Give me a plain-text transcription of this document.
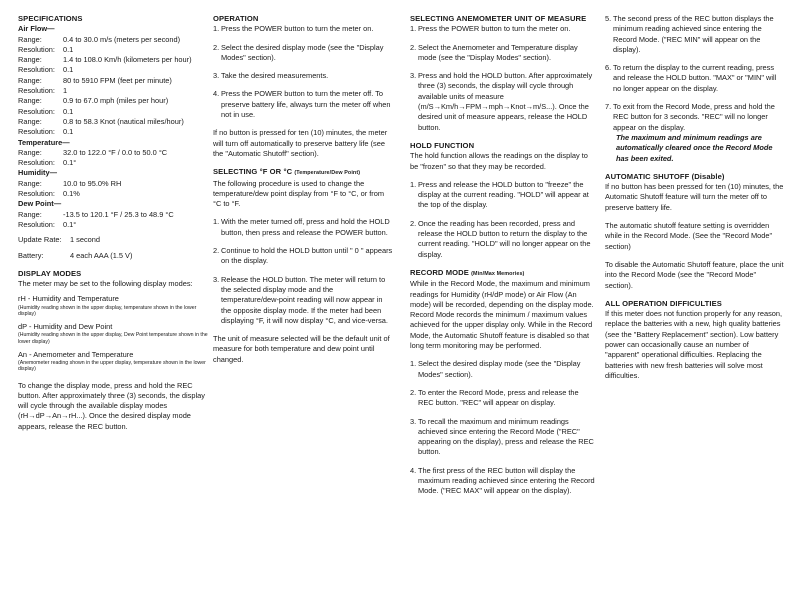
SPECIFICATIONS

Air Flow—

Range:	0.4 to 30.0 m/s (meters per second)
Resolution:	0.1
Range:	1.4 to 108.0 Km/h (kilometers per hour)
Resolution:	0.1
Range:	80 to 5910 FPM (feet per minute)
Resolution:	1
Range:	0.9 to 67.0 mph (miles per hour)
Resolution:	0.1
Range:	0.8 to 58.3 Knot (nautical miles/hour)
Resolution:	0.1

Temperature—

Range:	32.0 to 122.0 °F / 0.0 to 50.0 °C
Resolution:	0.1°

Humidity—

Range:	10.0 to 95.0% RH
Resolution:	0.1%

Dew Point—

Range:	-13.5 to 120.1 °F / 25.3 to 48.9 °C
Resolution:	0.1°
Update Rate:	1 second
Battery:	4 each AAA (1.5 V)

DISPLAY MODES

The meter may be set to the following display modes:

rH - Humidity and Temperature

(Humidity reading shown in the upper display, temperature shown in the lower display)

dP - Humidity and Dew Point

(Humidity reading shown in the upper display, Dew Point temperature shown in the lower display)

An - Anemometer and Temperature

(Anemometer reading shown in the upper display, temperature shown in the lower display)

To change the display mode, press and hold the REC button. After approximately three (3) seconds, the display will cycle through the available display modes (rH→dP→An→rH...). Once the desired display mode appears, release the REC button.

OPERATION

1. Press the POWER button to turn the meter on.
2. Select the desired display mode (see the "Display Modes" section).
3. Take the desired measurements.
4. Press the POWER button to turn the meter off. To preserve battery life, always turn the meter off when not in use.

If no button is pressed for ten (10) minutes, the meter will turn off automatically to preserve battery life (see the "Automatic Shutoff" section).

SELECTING °F OR °C (Temperature/Dew Point)

The following procedure is used to change the temperature/dew point display from °F to °C, or from °C to °F.

1. With the meter turned off, press and hold the HOLD button, then press and release the POWER button.
2. Continue to hold the HOLD button until " 0 " appears on the display.
3. Release the HOLD button. The meter will return to the selected display mode and the temperature/dew-point reading will now appear in the opposite display mode. If the meter had been displaying °F, it will now display °C, and vice-versa.

The unit of measure selected will be the default unit of measure for both temperature and dew point until changed.

SELECTING ANEMOMETER UNIT OF MEASURE

1. Press the POWER button to turn the meter on.
2. Select the Anemometer and Temperature display mode (see the "Display Modes" section).
3. Press and hold the HOLD button. After approximately three (3) seconds, the display will cycle through available units of measure (m/S→Km/h→FPM→mph→Knot→m/S...). Once the desired unit of measure appears, release the HOLD button.

HOLD FUNCTION

The hold function allows the readings on the display to be "frozen" so that they may be recorded.

1. Press and release the HOLD button to "freeze" the display at the current reading. "HOLD" will appear at the top of the display.
2. Once the reading has been recorded, press and release the HOLD button to return the display to the current reading. "HOLD" will no longer appear on the display.

RECORD MODE (Min/Max Memories)

While in the Record Mode, the maximum and minimum readings for Humidity (rH/dP mode) or Air Flow (An mode) will be recorded, depending on the display mode. Record Mode records the minimum / maximum values achieved for the upper display only. While in the Record Mode, the Automatic Shutoff feature is disabled so that long term monitoring may be performed.

1. Select the desired display mode (see the "Display Modes" section).
2. To enter the Record Mode, press and release the REC button. "REC" will appear on display.
3. To recall the maximum and minimum readings achieved since entering the Record Mode ("REC" appearing on the display), press and release the REC button.
4. The first press of the REC button will display the maximum reading achieved since entering the Record Mode. ("REC MAX" will appear on the display).
5. The second press of the REC button displays the minimum reading achieved since entering the Record Mode. ("REC MIN" will appear on the display).
6. To return the display to the current reading, press and release the HOLD button. "MAX" or "MIN" will no longer appear on the display.
7. To exit from the Record Mode, press and hold the REC button for 3 seconds. "REC" will no longer appear on the display.

The maximum and minimum readings are automatically cleared once the Record Mode has been exited.

AUTOMATIC SHUTOFF (Disable)

If no button has been pressed for ten (10) minutes, the Automatic Shutoff feature will turn the meter off to preserve battery life.

The automatic shutoff feature setting is overridden while in the Record Mode. (See the "Record Mode" section)

To disable the Automatic Shutoff feature, place the unit into the Record Mode (see the "Record Mode" section).

ALL OPERATION DIFFICULTIES

If this meter does not function properly for any reason, replace the batteries with a new, high quality batteries (see the "Battery Replacement" section). Low battery power can occasionally cause an number of "apparent" operational difficulties. Replacing the batteries with new fresh batteries will solve most difficulties.
